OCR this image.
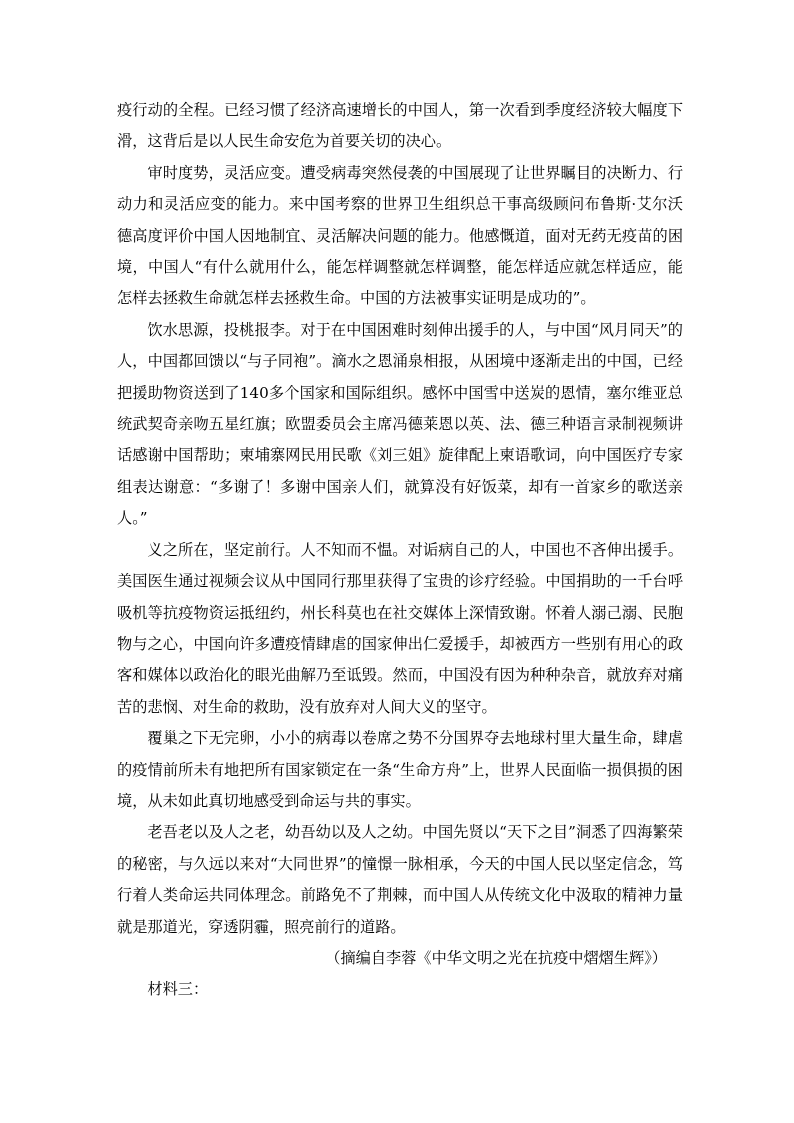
疫行动的全程。已经习惯了经济高速增长的中国人，第一次看到季度经济较大幅度下滑，这背后是以人民生命安危为首要关切的决心。

审时度势，灵活应变。遭受病毒突然侵袭的中国展现了让世界瞩目的决断力、行动力和灵活应变的能力。来中国考察的世界卫生组织总干事高级顾问布鲁斯·艾尔沃德高度评价中国人因地制宜、灵活解决问题的能力。他感慨道，面对无药无疫苗的困境，中国人“有什么就用什么，能怎样调整就怎样调整，能怎样适应就怎样适应，能怎样去拯救生命就怎样去拯救生命。中国的方法被事实证明是成功的”。

饮水思源，投桃报李。对于在中国困难时刻伸出援手的人，与中国“风月同天”的人，中国都回馈以“与子同袍”。滴水之恩涌泉相报，从困境中逐渐走出的中国，已经把援助物资送到了140多个国家和国际组织。感怀中国雪中送炭的恩情，塞尔维亚总统武契奇亲吻五星红旗；欧盟委员会主席冯德莱恩以英、法、德三种语言录制视频讲话感谢中国帮助；柬埔寨网民用民歌《刘三姐》旋律配上柬语歌词，向中国医疗专家组表达谢意：“多谢了！多谢中国亲人们，就算没有好饭菜，却有一首家乡的歌送亲人。”

义之所在，坚定前行。人不知而不愠。对诟病自己的人，中国也不吝伸出援手。美国医生通过视频会议从中国同行那里获得了宝贵的诊疗经验。中国捐助的一千台呼吸机等抗疫物资运抵纽约，州长科莫也在社交媒体上深情致谢。怀着人溺己溺、民胞物与之心，中国向许多遭疫情肆虐的国家伸出仁爱援手，却被西方一些别有用心的政客和媒体以政治化的眼光曲解乃至诋毁。然而，中国没有因为种种杂音，就放弃对痛苦的悲悯、对生命的救助，没有放弃对人间大义的坚守。

覆巢之下无完卵，小小的病毒以卷席之势不分国界夺去地球村里大量生命，肆虐的疫情前所未有地把所有国家锁定在一条“生命方舟”上，世界人民面临一损俱损的困境，从未如此真切地感受到命运与共的事实。

老吾老以及人之老，幼吾幼以及人之幼。中国先贤以“天下之目”洞悉了四海繁荣的秘密，与久远以来对“大同世界”的憧憬一脉相承，今天的中国人民以坚定信念，笃行着人类命运共同体理念。前路免不了荆棘，而中国人从传统文化中汲取的精神力量就是那道光，穿透阴霾，照亮前行的道路。

（摘编自李蓉《中华文明之光在抗疫中熠熠生辉》）

材料三：
